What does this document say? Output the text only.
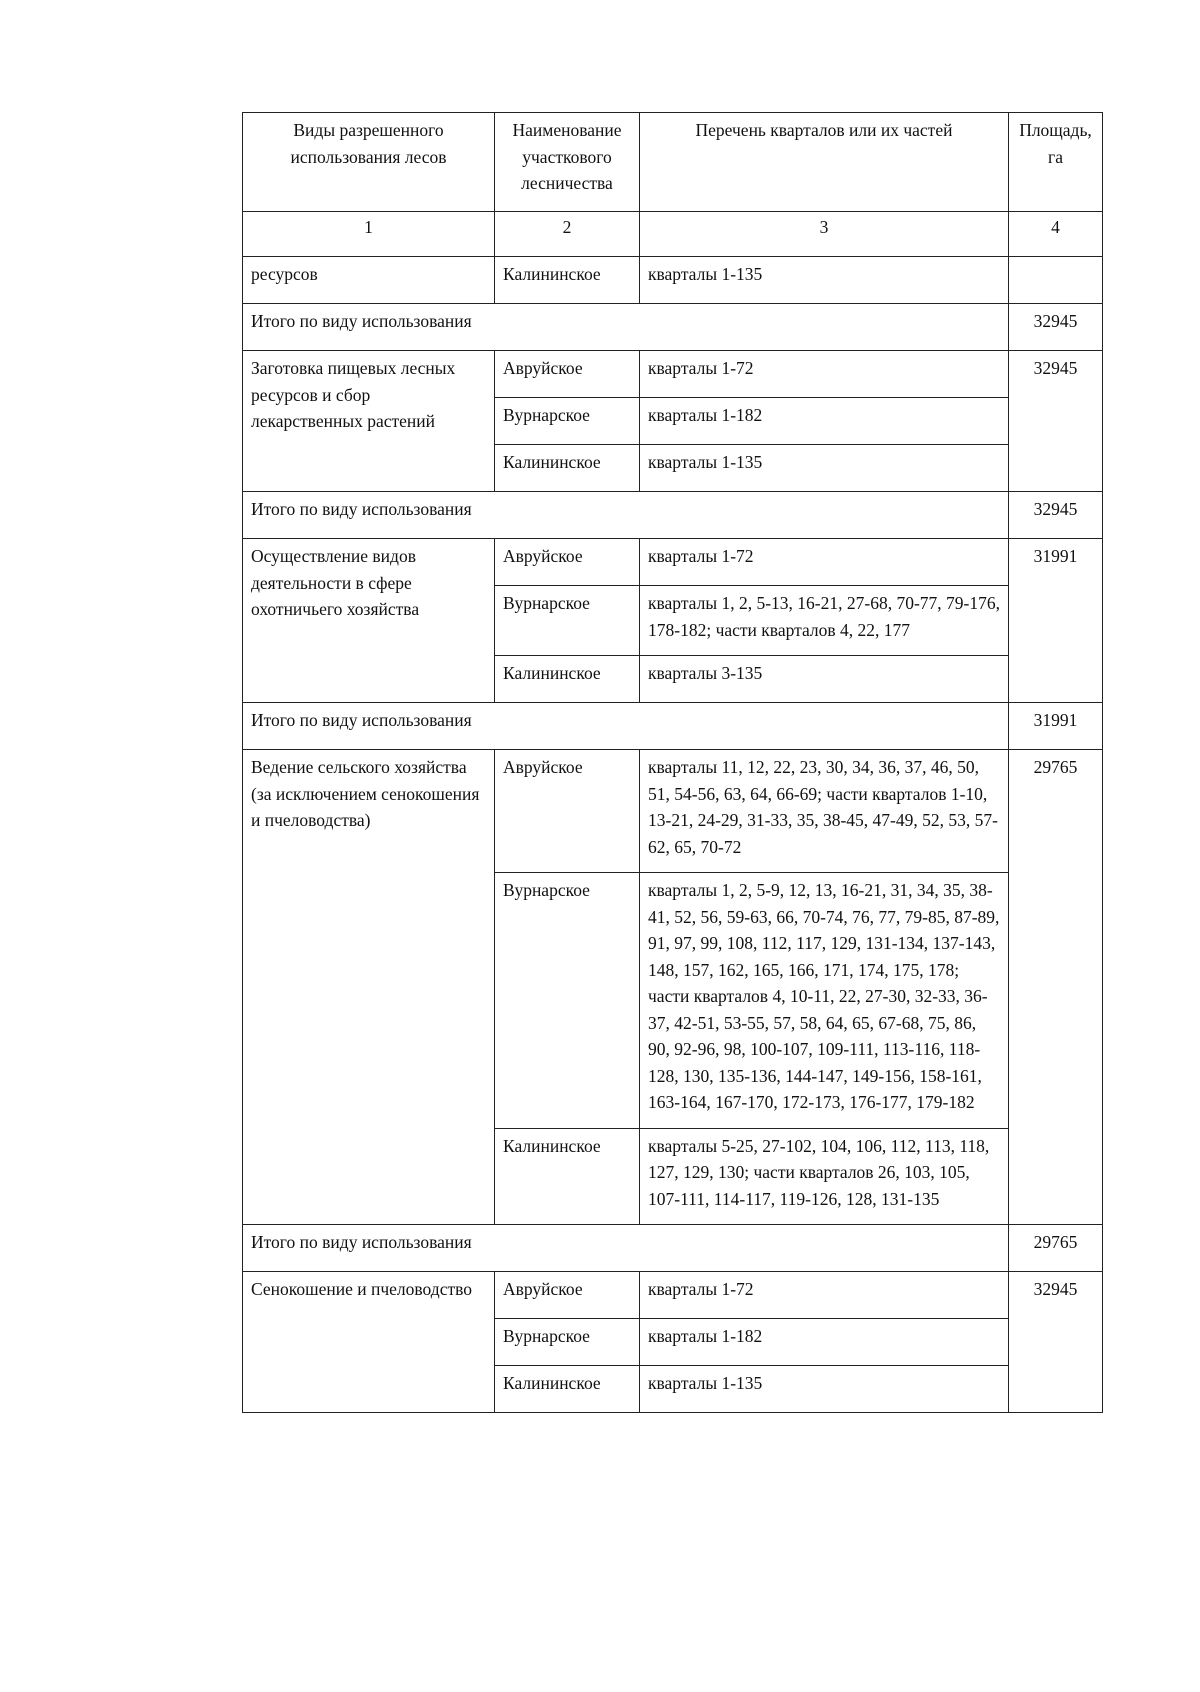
Виды разрешенного использования лесов	Наименование участкового лесничества	Перечень кварталов или их частей	Площадь, га
1	2	3	4
ресурсов	Калининское	кварталы 1-135	
Итого по виду использования			32945
Заготовка пищевых лесных ресурсов и сбор лекарственных растений	Авруйское	кварталы 1-72	32945
	Вурнарское	кварталы 1-182	
	Калининское	кварталы 1-135	
Итого по виду использования			32945
Осуществление видов деятельности в сфере охотничьего хозяйства	Авруйское	кварталы 1-72	31991
	Вурнарское	кварталы 1, 2, 5-13, 16-21, 27-68, 70-77, 79-176, 178-182; части кварталов 4, 22, 177	
	Калининское	кварталы 3-135	
Итого по виду использования			31991
Ведение сельского хозяйства (за исключением сенокошения и пчеловодства)	Авруйское	кварталы 11, 12, 22, 23, 30, 34, 36, 37, 46, 50, 51, 54-56, 63, 64, 66-69; части кварталов 1-10, 13-21, 24-29, 31-33, 35, 38-45, 47-49, 52, 53, 57-62, 65, 70-72	29765
	Вурнарское	кварталы 1, 2, 5-9, 12, 13, 16-21, 31, 34, 35, 38-41, 52, 56, 59-63, 66, 70-74, 76, 77, 79-85, 87-89, 91, 97, 99, 108, 112, 117, 129, 131-134, 137-143, 148, 157, 162, 165, 166, 171, 174, 175, 178; части кварталов 4, 10-11, 22, 27-30, 32-33, 36-37, 42-51, 53-55, 57, 58, 64, 65, 67-68, 75, 86, 90, 92-96, 98, 100-107, 109-111, 113-116, 118-128, 130, 135-136, 144-147, 149-156, 158-161, 163-164, 167-170, 172-173, 176-177, 179-182	
	Калининское	кварталы 5-25, 27-102, 104, 106, 112, 113, 118, 127, 129, 130; части кварталов 26, 103, 105, 107-111, 114-117, 119-126, 128, 131-135	
Итого по виду использования			29765
Сенокошение и пчеловодство	Авруйское	кварталы 1-72	32945
	Вурнарское	кварталы 1-182	
	Калининское	кварталы 1-135	
